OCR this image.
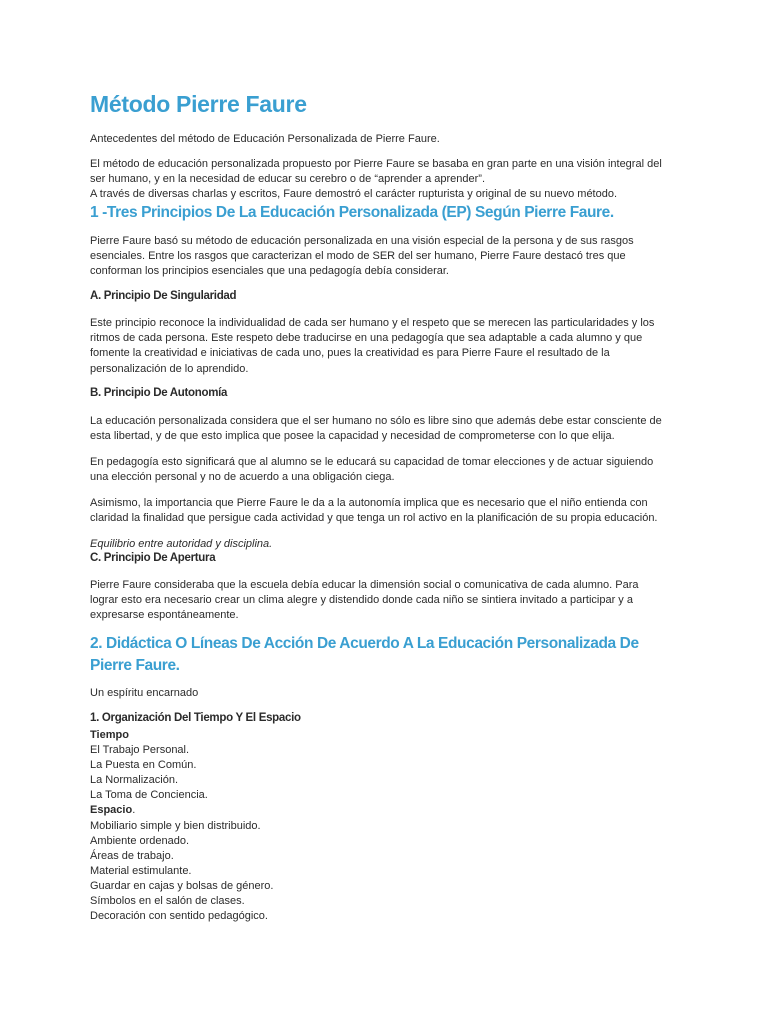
Método Pierre Faure

Antecedentes del método de Educación Personalizada de Pierre Faure.

El método de educación personalizada propuesto por Pierre Faure se basaba en gran parte en una visión integral del
ser humano, y en la necesidad de educar su cerebro o de “aprender a aprender”.
A través de diversas charlas y escritos, Faure demostró el carácter rupturista y original de su nuevo método.

1 -Tres Principios De La Educación Personalizada (EP) Según Pierre Faure.

Pierre Faure basó su método de educación personalizada en una visión especial de la persona y de sus rasgos
esenciales. Entre los rasgos que caracterizan el modo de SER del ser humano, Pierre Faure destacó tres que
conforman los principios esenciales que una pedagogía debía considerar.

A. Principio De Singularidad

Este principio reconoce la individualidad de cada ser humano y el respeto que se merecen las particularidades y los
ritmos de cada persona. Este respeto debe traducirse en una pedagogía que sea adaptable a cada alumno y que
fomente la creatividad e iniciativas de cada uno, pues la creatividad es para Pierre Faure el resultado de la
personalización de lo aprendido.

B. Principio De Autonomía

La educación personalizada considera que el ser humano no sólo es libre sino que además debe estar consciente de
esta libertad, y de que esto implica que posee la capacidad y necesidad de comprometerse con lo que elija.

En pedagogía esto significará que al alumno se le educará su capacidad de tomar elecciones y de actuar siguiendo
una elección personal y no de acuerdo a una obligación ciega.

Asimismo, la importancia que Pierre Faure le da a la autonomía implica que es necesario que el niño entienda con
claridad la finalidad que persigue cada actividad y que tenga un rol activo en la planificación de su propia educación.

Equilibrio entre autoridad y disciplina.

C. Principio De Apertura

Pierre Faure consideraba que la escuela debía educar la dimensión social o comunicativa de cada alumno. Para
lograr esto era necesario crear un clima alegre y distendido donde cada niño se sintiera invitado a participar y a
expresarse espontáneamente.

2. Didáctica O Líneas De Acción De Acuerdo A La Educación Personalizada De
Pierre Faure.

Un espíritu encarnado

1. Organización Del Tiempo Y El Espacio
Tiempo
El Trabajo Personal.
La Puesta en Común.
La Normalización.
La Toma de Conciencia.
Espacio.
Mobiliario simple y bien distribuido.
Ambiente ordenado.
Áreas de trabajo.
Material estimulante.
Guardar en cajas y bolsas de género.
Símbolos en el salón de clases.
Decoración con sentido pedagógico.
